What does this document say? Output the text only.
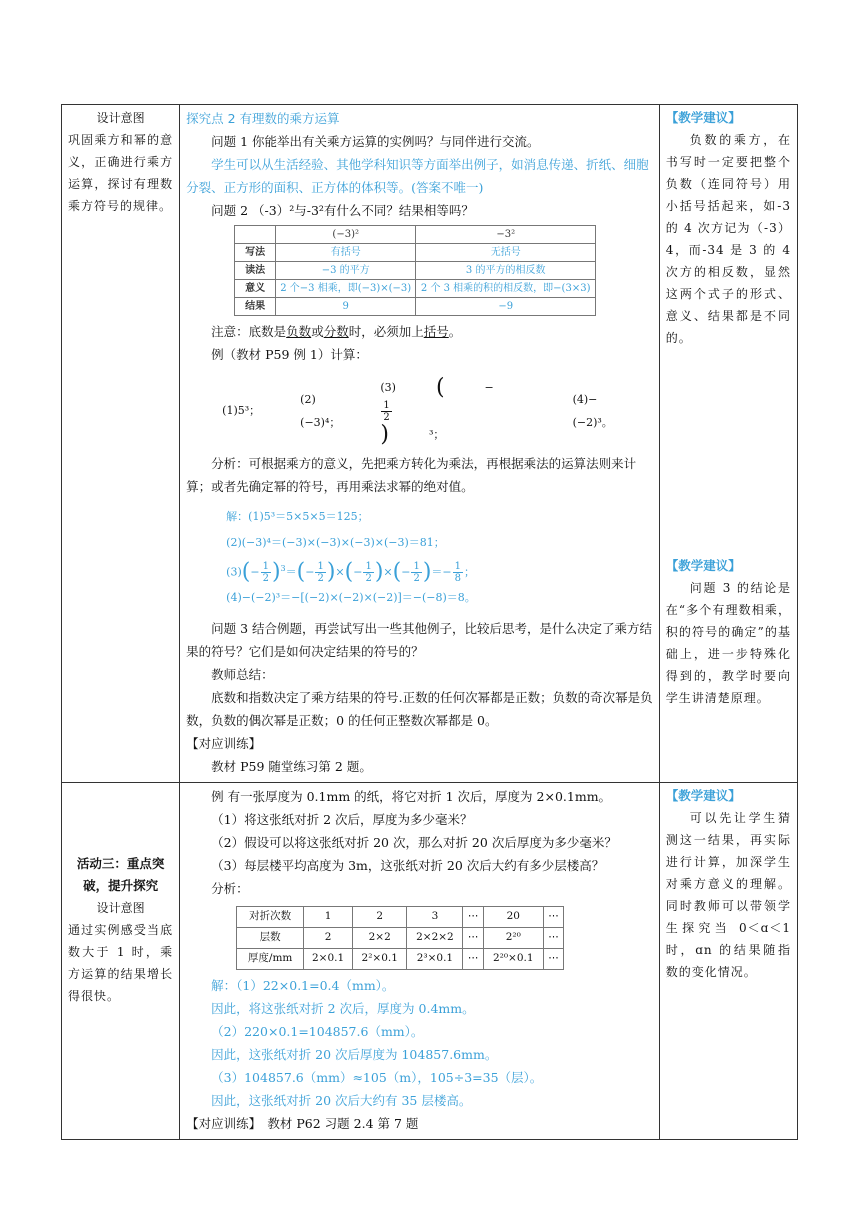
设计意图
巩固乘方和幂的意义，正确进行乘方运算，探讨有理数乘方符号的规律。

探究点 2 有理数的乘方运算

问题 1 你能举出有关乘方运算的实例吗？与同伴进行交流。

学生可以从生活经验、其他学科知识等方面举出例子，如消息传递、折纸、细胞分裂、正方形的面积、正方体的体积等。(答案不唯一)

问题 2 （-3）²与-3²有什么不同？结果相等吗？

	(−3)²	−3²
写法	有括号	无括号
读法	−3 的平方	3 的平方的相反数
意义	2 个−3 相乘，即(−3)×(−3)	2 个 3 相乘的积的相反数，即−(3×3)
结果	9	−9

注意：底数是负数或分数时，必须加上括号。

例（教材 P59 例 1）计算：

(1)5³；
(2)(−3)⁴；
(3) (	−
$\frac{1}{2}$
)	³；
(4)−(−2)³。

分析：可根据乘方的意义，先把乘方转化为乘法，再根据乘法的运算法则来计算；或者先确定幂的符号，再用乘法求幂的绝对值。

解：(1)5³＝5×5×5＝125；
(2)(−3)⁴＝(−3)×(−3)×(−3)×(−3)＝81；
$(3)(- \frac{1}{2} )^3=(- \frac{1}{2}$ )×(− $\frac{1}{2}$ )×(− $\frac{1}{2}$ )＝− $\frac{1}{8}$ ；
(4)−(−2)³＝−[(−2)×(−2)×(−2)]＝−(−8)＝8。

问题 3 结合例题，再尝试写出一些其他例子，比较后思考，是什么决定了乘方结果的符号？它们是如何决定结果的符号的？

教师总结：

底数和指数决定了乘方结果的符号.正数的任何次幂都是正数；负数的奇次幂是负数，负数的偶次幂是正数；0 的任何正整数次幂都是 0。

【对应训练】

教材 P59 随堂练习第 2 题。

【教学建议】

负数的乘方，在书写时一定要把整个负数（连同符号）用小括号括起来，如-3 的 4 次方记为（-3）4，而-34 是 3 的 4 次方的相反数，显然这两个式子的形式、意义、结果都是不同的。

【教学建议】

问题 3 的结论是在“多个有理数相乘，积的符号的确定”的基础上，进一步特殊化得到的，教学时要向学生讲清楚原理。

活动三：重点突破，提升探究
设计意图
通过实例感受当底数大于 1 时，乘方运算的结果增长得很快。

例 有一张厚度为 0.1mm 的纸，将它对折 1 次后，厚度为 2×0.1mm。

（1）将这张纸对折 2 次后，厚度为多少毫米？

（2）假设可以将这张纸对折 20 次，那么对折 20 次后厚度为多少毫米？

（3）每层楼平均高度为 3m，这张纸对折 20 次后大约有多少层楼高？

分析：

对折次数	1	2	3	⋯	20	⋯
层数	2	2×2	2×2×2	⋯	2²⁰	⋯
厚度/mm	2×0.1	2²×0.1	2³×0.1	⋯	2²⁰×0.1	⋯

解：（1）22×0.1=0.4（mm）。

因此，将这张纸对折 2 次后，厚度为 0.4mm。

（2）220×0.1=104857.6（mm）。

因此，这张纸对折 20 次后厚度为 104857.6mm。

（3）104857.6（mm）≈105（m），105÷3=35（层）。

因此，这张纸对折 20 次后大约有 35 层楼高。

【对应训练】　教材 P62 习题 2.4 第 7 题

【教学建议】

可以先让学生猜测这一结果，再实际进行计算，加深学生对乘方意义的理解。同时教师可以带领学生探究当 0＜ɑ＜1 时，ɑn 的结果随指数的变化情况。
